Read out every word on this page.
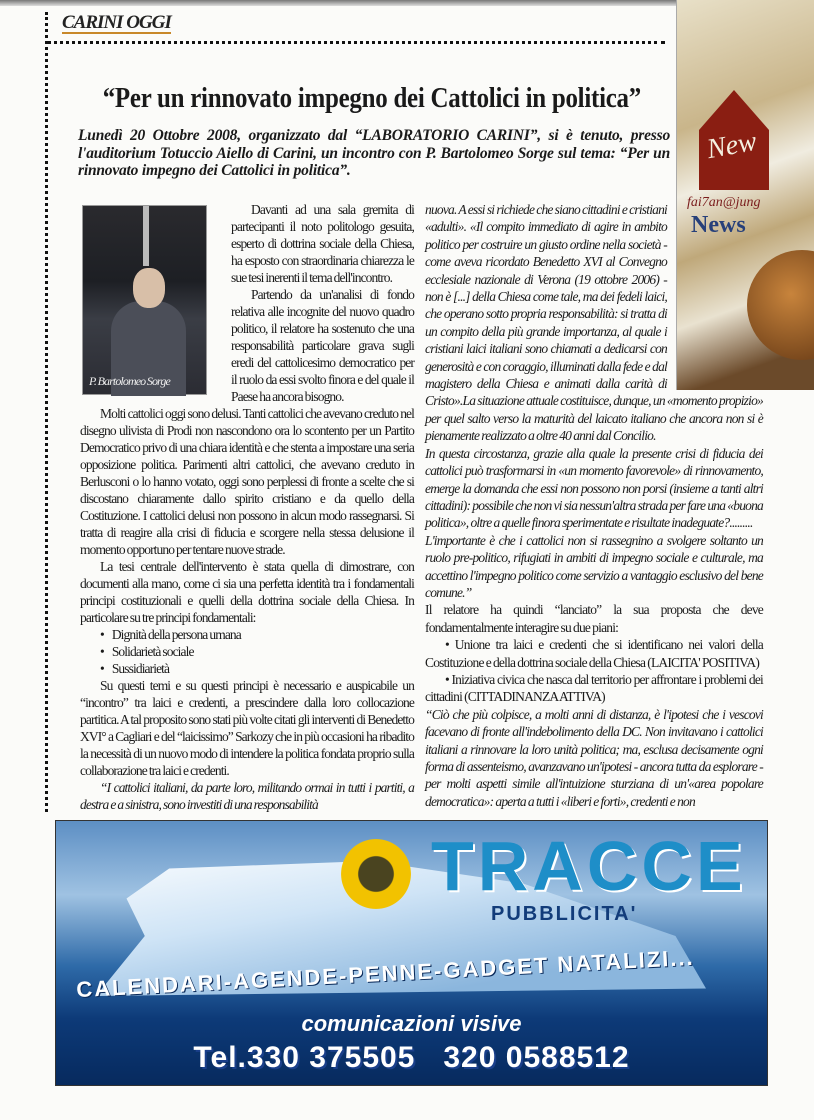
CARINI OGGI
“Per un rinnovato impegno dei Cattolici in politica”
Lunedì 20 Ottobre 2008, organizzato dal “LABORATORIO CARINI”, si è tenuto, presso l'auditorium Totuccio Aiello di Carini, un incontro con P. Bartolomeo Sorge sul tema: “Per un rinnovato impegno dei Cattolici in politica”.
P. Bartolomeo Sorge

Davanti ad una sala gremita di partecipanti il noto politologo gesuita, esperto di dottrina sociale della Chiesa, ha esposto con straordinaria chiarezza le sue tesi inerenti il tema dell'incontro.

Partendo da un'analisi di fondo relativa alle incognite del nuovo quadro politico, il relatore ha sostenuto che una responsabilità particolare grava sugli eredi del cattolicesimo democratico per il ruolo da essi svolto finora e del quale il Paese ha ancora bisogno.

Molti cattolici oggi sono delusi. Tanti cattolici che avevano creduto nel disegno ulivista di Prodi non nascondono ora lo scontento per un Partito Democratico privo di una chiara identità e che stenta a impostare una seria opposizione politica. Parimenti altri cattolici, che avevano creduto in Berlusconi o lo hanno votato, oggi sono perplessi di fronte a scelte che si discostano chiaramente dallo spirito cristiano e da quello della Costituzione. I cattolici delusi non possono in alcun modo rassegnarsi. Si tratta di reagire alla crisi di fiducia e scorgere nella stessa delusione il momento opportuno per tentare nuove strade.

La tesi centrale dell'intervento è stata quella di dimostrare, con documenti alla mano, come ci sia una perfetta identità tra i fondamentali principi costituzionali e quelli della dottrina sociale della Chiesa. In particolare su tre principi fondamentali:

• Dignità della persona umana
• Solidarietà sociale
• Sussidiarietà

Su questi temi e su questi principi è necessario e auspicabile un “incontro” tra laici e credenti, a prescindere dalla loro collocazione partitica. A tal proposito sono stati più volte citati gli interventi di Benedetto XVI° a Cagliari e del “laicissimo” Sarkozy che in più occasioni ha ribadito la necessità di un nuovo modo di intendere la politica fondata proprio sulla collaborazione tra laici e credenti.

“I cattolici italiani, da parte loro, militando ormai in tutti i partiti, a destra e a sinistra, sono investiti di una responsabilità

nuova. A essi si richiede che siano cittadini e cristiani «adulti». «Il compito immediato di agire in ambito politico per costruire un giusto ordine nella società - come aveva ricordato Benedetto XVI al Convegno ecclesiale nazionale di Verona (19 ottobre 2006) - non è [...] della Chiesa come tale, ma dei fedeli laici, che operano sotto propria responsabilità: si tratta di un compito della più grande importanza, al quale i cristiani laici italiani sono chiamati a dedicarsi con generosità e con coraggio, illuminati dalla fede e dal magistero della Chiesa e animati dalla carità di Cristo».La situazione attuale costituisce, dunque, un «momento propizio» per quel salto verso la maturità del laicato italiano che ancora non si è pienamente realizzato a oltre 40 anni dal Concilio.

In questa circostanza, grazie alla quale la presente crisi di fiducia dei cattolici può trasformarsi in «un momento favorevole» di rinnovamento, emerge la domanda che essi non possono non porsi (insieme a tanti altri cittadini): possibile che non vi sia nessun'altra strada per fare una «buona politica», oltre a quelle finora sperimentate e risultate inadeguate?.........

L'importante è che i cattolici non si rassegnino a svolgere soltanto un ruolo pre-politico, rifugiati in ambiti di impegno sociale e culturale, ma accettino l'impegno politico come servizio a vantaggio esclusivo del bene comune.”

Il relatore ha quindi “lanciato” la sua proposta che deve fondamentalmente interagire su due piani:

• Unione tra laici e credenti che si identificano nei valori della Costituzione e della dottrina sociale della Chiesa (LAICITA' POSITIVA)

• Iniziativa civica che nasca dal territorio per affrontare i problemi dei cittadini (CITTADINANZA ATTIVA)

“Ciò che più colpisce, a molti anni di distanza, è l'ipotesi che i vescovi facevano di fronte all'indebolimento della DC. Non invitavano i cattolici italiani a rinnovare la loro unità politica; ma, esclusa decisamente ogni forma di assenteismo, avanzavano un'ipotesi - ancora tutta da esplorare - per molti aspetti simile all'intuizione sturziana di un'«area popolare democratica»: aperta a tutti i «liberi e forti», credenti e non

New
fai7an@jung
News
TRACCE
PUBBLICITA'
CALENDARI-AGENDE-PENNE-GADGET NATALIZI...
comunicazioni visive
Tel.330 375505 320 0588512
